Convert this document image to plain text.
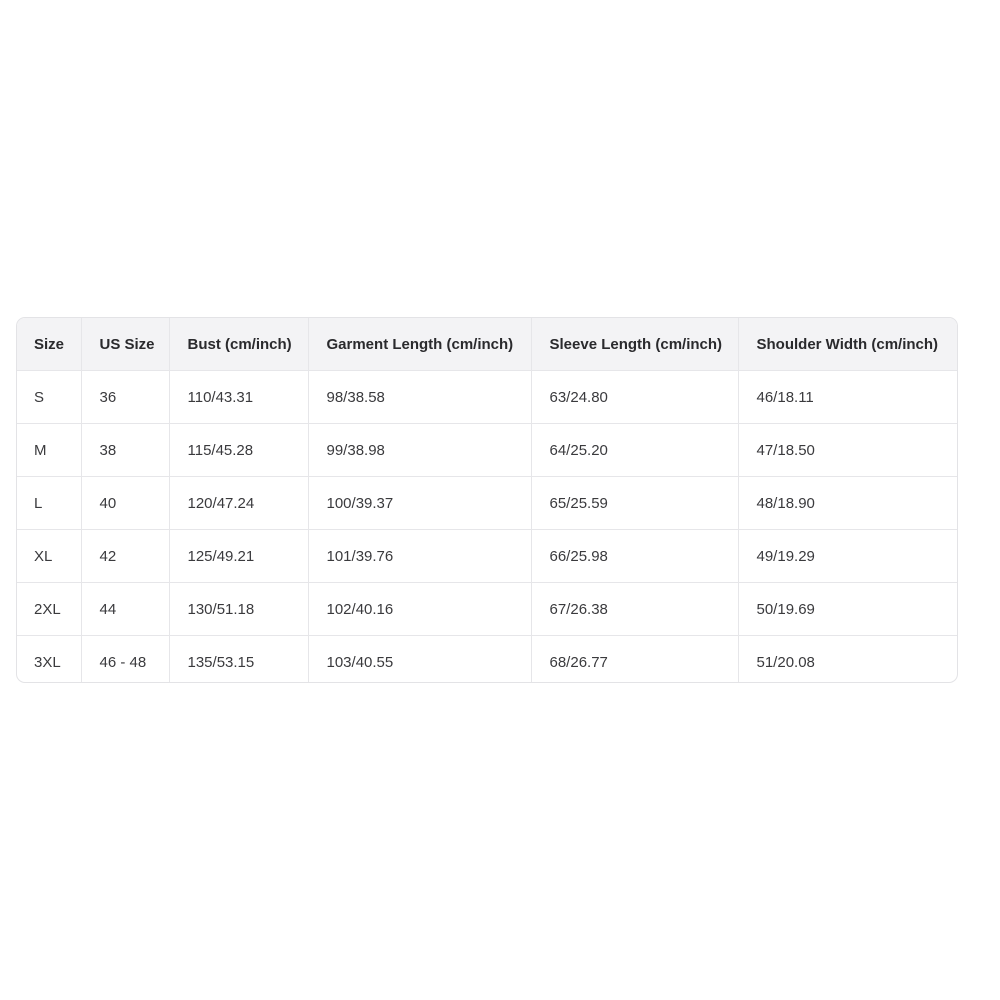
Size	US Size	Bust (cm/inch)	Garment Length (cm/inch)	Sleeve Length (cm/inch)	Shoulder Width (cm/inch)
S	36	110/43.31	98/38.58	63/24.80	46/18.11
M	38	115/45.28	99/38.98	64/25.20	47/18.50
L	40	120/47.24	100/39.37	65/25.59	48/18.90
XL	42	125/49.21	101/39.76	66/25.98	49/19.29
2XL	44	130/51.18	102/40.16	67/26.38	50/19.69
3XL	46 - 48	135/53.15	103/40.55	68/26.77	51/20.08
